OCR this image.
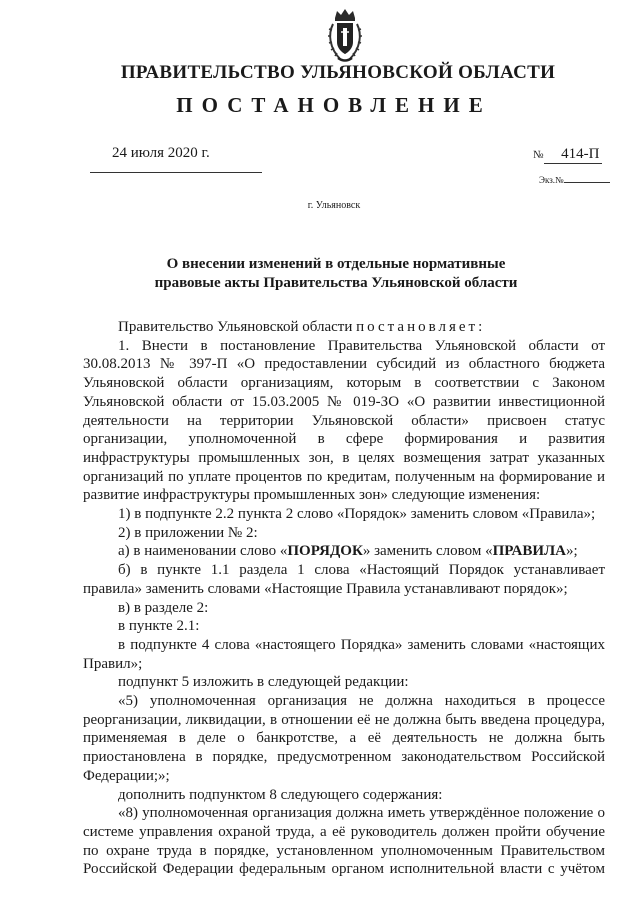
ПРАВИТЕЛЬСТВО УЛЬЯНОВСКОЙ ОБЛАСТИ
ПОСТАНОВЛЕНИЕ
24 июля 2020 г.	№ 414-П
Экз.№
г. Ульяновск
О внесении изменений в отдельные нормативные
правовые акты Правительства Ульяновской области

Правительство Ульяновской области постановляет:

1. Внести в постановление Правительства Ульяновской области от 30.08.2013 № 397-П «О предоставлении субсидий из областного бюджета Ульяновской области организациям, которым в соответствии с Законом Ульяновской области от 15.03.2005 № 019-ЗО «О развитии инвестиционной деятельности на территории Ульяновской области» присвоен статус организации, уполномоченной в сфере формирования и развития инфраструктуры промышленных зон, в целях возмещения затрат указанных организаций по уплате процентов по кредитам, полученным на формирование и развитие инфраструктуры промышленных зон» следующие изменения:

1) в подпункте 2.2 пункта 2 слово «Порядок» заменить словом «Правила»;

2) в приложении № 2:

а) в наименовании слово «ПОРЯДОК» заменить словом «ПРАВИЛА»;

б) в пункте 1.1 раздела 1 слова «Настоящий Порядок устанавливает правила» заменить словами «Настоящие Правила устанавливают порядок»;

в) в разделе 2:

в пункте 2.1:

в подпункте 4 слова «настоящего Порядка» заменить словами «настоящих Правил»;

подпункт 5 изложить в следующей редакции:

«5) уполномоченная организация не должна находиться в процессе реорганизации, ликвидации, в отношении её не должна быть введена процедура, применяемая в деле о банкротстве, а её деятельность не должна быть приостановлена в порядке, предусмотренном законодательством Российской Федерации;»;

дополнить подпунктом 8 следующего содержания:

«8) уполномоченная организация должна иметь утверждённое положение о системе управления охраной труда, а её руководитель должен пройти обучение по охране труда в порядке, установленном уполномоченным Правительством Российской Федерации федеральным органом исполнительной власти с учётом
